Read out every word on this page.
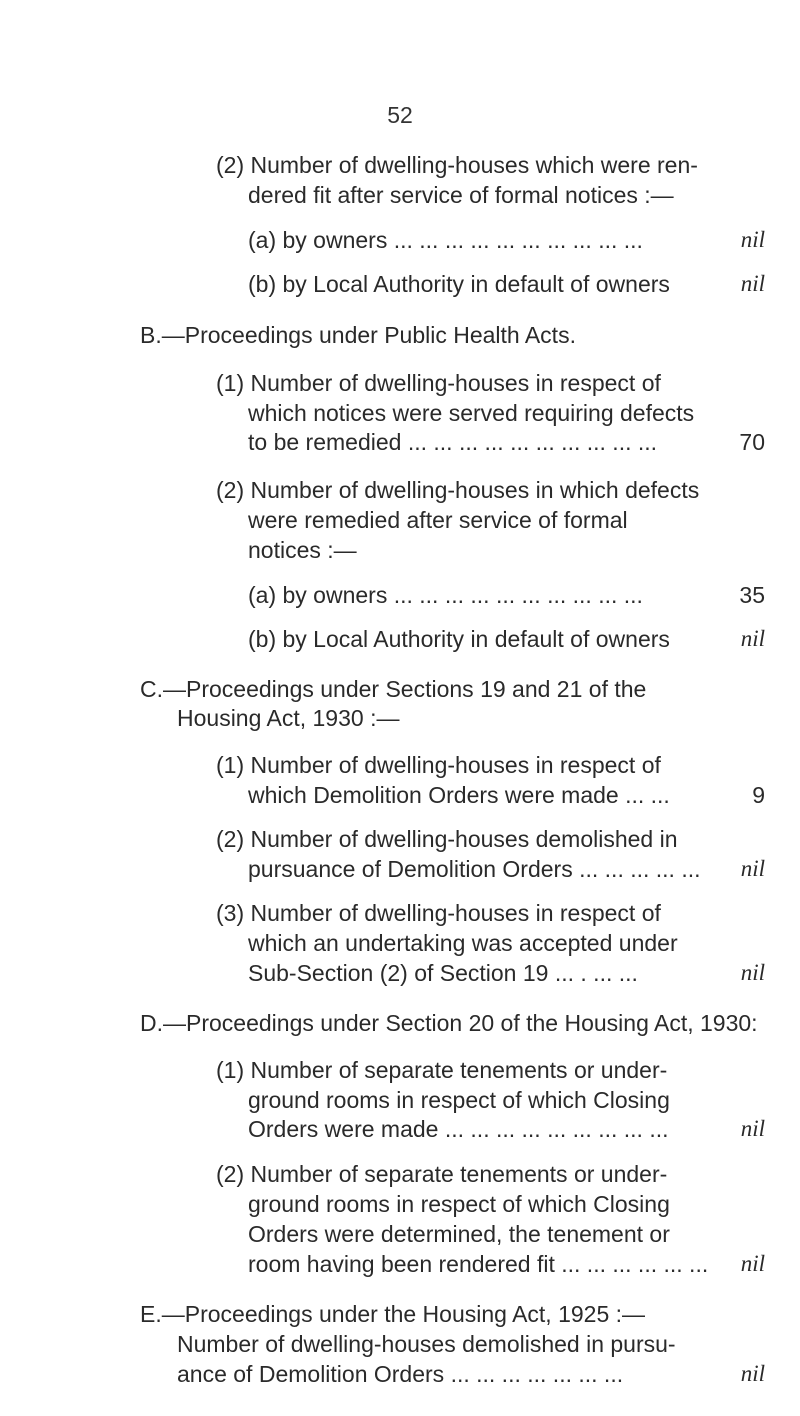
52
(2) Number of dwelling-houses which were ren-
dered fit after service of formal notices :—
(a) by owners ... ... ... ... ... ... ... ... ... ...	nil
(b) by Local Authority in default of owners	nil
B.—Proceedings under Public Health Acts.
(1) Number of dwelling-houses in respect of
which notices were served requiring defects
to be remedied ... ... ... ... ... ... ... ... ... ...	70
(2) Number of dwelling-houses in which defects
were remedied after service of formal
notices :—
(a) by owners ... ... ... ... ... ... ... ... ... ...	35
(b) by Local Authority in default of owners	nil
C.—Proceedings under Sections 19 and 21 of the
Housing Act, 1930 :—
(1) Number of dwelling-houses in respect of
which Demolition Orders were made ... ...	9
(2) Number of dwelling-houses demolished in
pursuance of Demolition Orders ... ... ... ... ...	nil
(3) Number of dwelling-houses in respect of
which an undertaking was accepted under
Sub-Section (2) of Section 19 ... . ... ...	nil
D.—Proceedings under Section 20 of the Housing Act, 1930:
(1) Number of separate tenements or under-
ground rooms in respect of which Closing
Orders were made ... ... ... ... ... ... ... ... ...	nil
(2) Number of separate tenements or under-
ground rooms in respect of which Closing
Orders were determined, the tenement or
room having been rendered fit ... ... ... ... ... ...	nil
E.—Proceedings under the Housing Act, 1925 :—
Number of dwelling-houses demolished in pursu-
ance of Demolition Orders ... ... ... ... ... ... ...	nil
